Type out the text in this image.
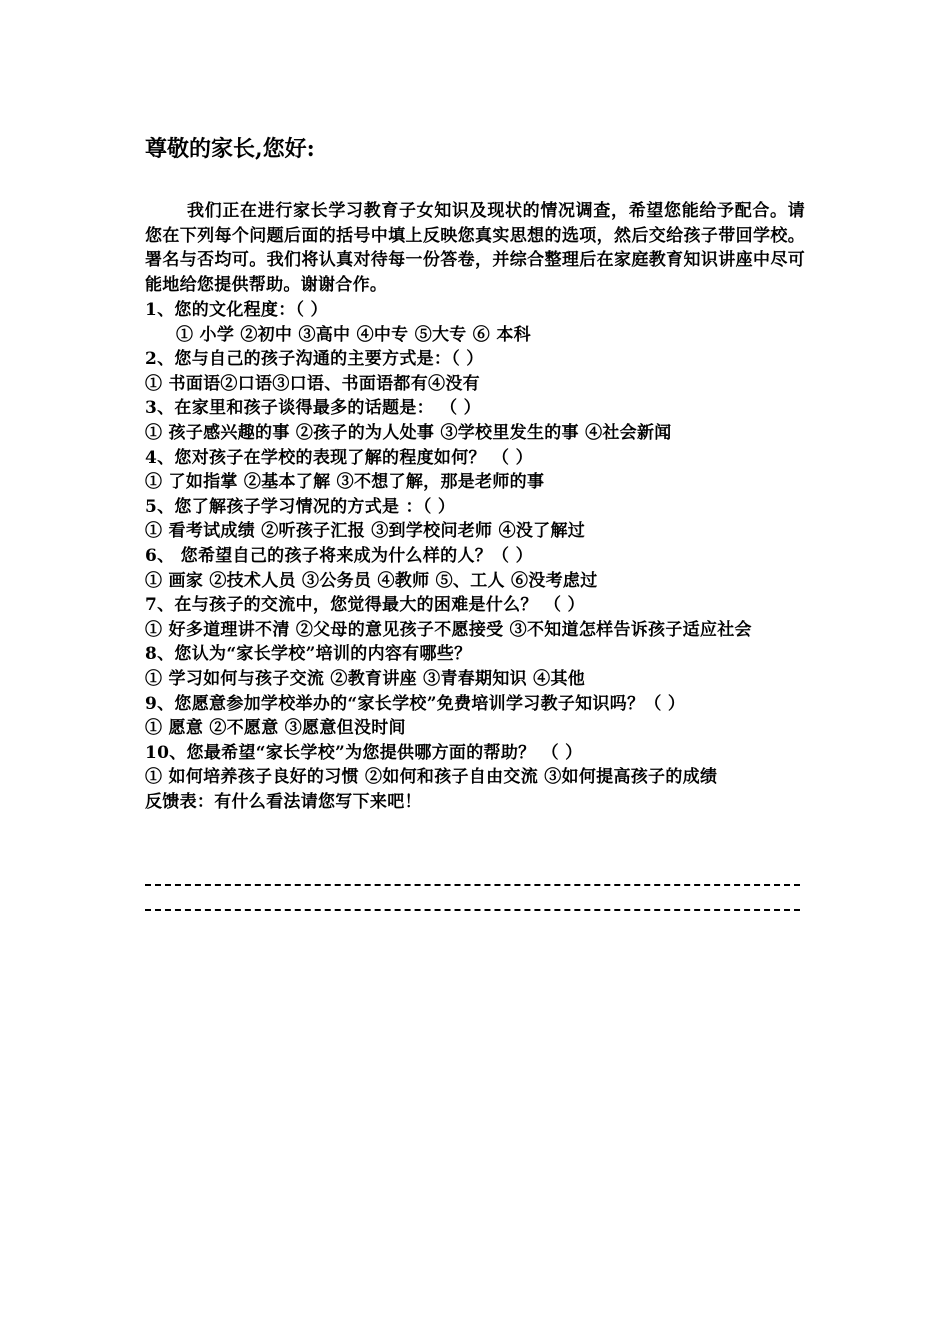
尊敬的家长,您好:
我们正在进行家长学习教育子女知识及现状的情况调查，希望您能给予配合。请您在下列每个问题后面的括号中填上反映您真实思想的选项，然后交给孩子带回学校。署名与否均可。我们将认真对待每一份答卷，并综合整理后在家庭教育知识讲座中尽可能地给您提供帮助。谢谢合作。
1、您的文化程度：（ ）
① 小学 ②初中 ③高中 ④中专 ⑤大专 ⑥ 本科
2、您与自己的孩子沟通的主要方式是：（ ）
① 书面语②口语③口语、书面语都有④没有
3、在家里和孩子谈得最多的话题是： （ ）
① 孩子感兴趣的事 ②孩子的为人处事 ③学校里发生的事 ④社会新闻
4、您对孩子在学校的表现了解的程度如何？ （ ）
① 了如指掌 ②基本了解 ③不想了解，那是老师的事
5、您了解孩子学习情况的方式是 ：（ ）
① 看考试成绩 ②听孩子汇报 ③到学校问老师 ④没了解过
6、 您希望自己的孩子将来成为什么样的人？（ ）
① 画家 ②技术人员 ③公务员 ④教师 ⑤、工人 ⑥没考虑过
7、在与孩子的交流中，您觉得最大的困难是什么？ （ ）
① 好多道理讲不清 ②父母的意见孩子不愿接受 ③不知道怎样告诉孩子适应社会
8、您认为“家长学校”培训的内容有哪些？
① 学习如何与孩子交流 ②教育讲座 ③青春期知识 ④其他
9、您愿意参加学校举办的“家长学校”免费培训学习教子知识吗？（ ）
① 愿意 ②不愿意 ③愿意但没时间
10、您最希望“家长学校”为您提供哪方面的帮助？ （ ）
① 如何培养孩子良好的习惯 ②如何和孩子自由交流 ③如何提高孩子的成绩
反馈表：有什么看法请您写下来吧！
